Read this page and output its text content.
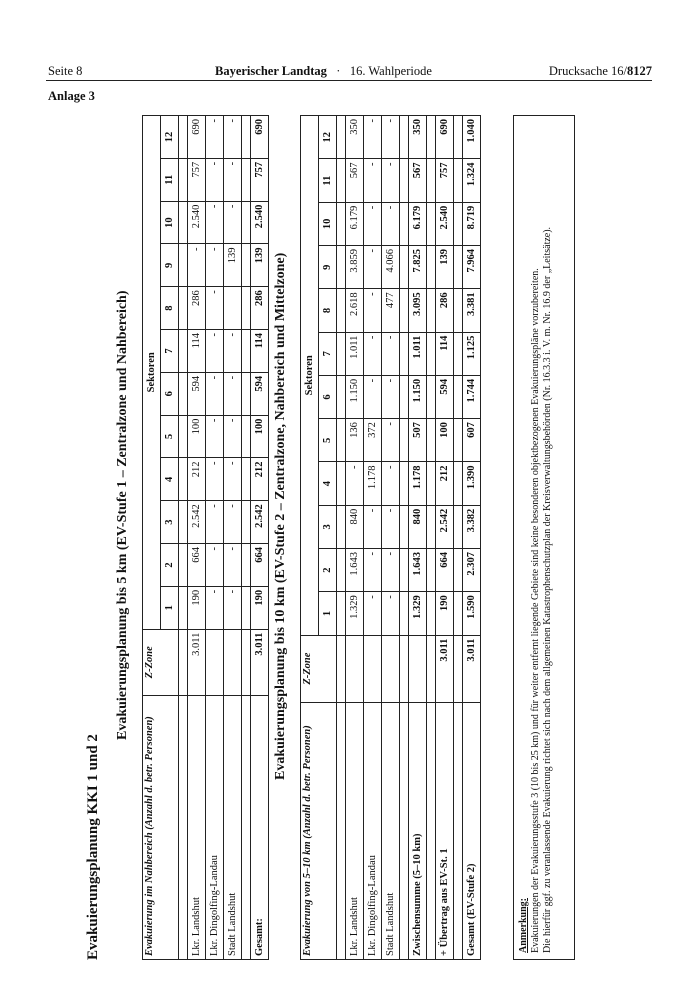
Seite 8	Bayerischer Landtag · 16. Wahlperiode	Drucksache 16/8127
Anlage 3
Evakuierungsplanung KKI 1 und 2
Evakuierungsplanung bis 5 km (EV-Stufe 1 – Zentralzone und Nahbereich)
Evakuierung im Nahbereich (Anzahl d. betr. Personen)	Z-Zone	Sektoren											
		1	2	3	4	5	6	7	8	9	10	11	12

Lkr. Landshut	3.011	190	664	2.542	212	100	594	114	286	-	2.540	757	690
Lkr. Dingolfing-Landau		-	-	-	-	-	-	-	-	-	-	-	-
Stadt Landshut		-	-	-	-	-	-	-		139	-	-	-

Gesamt:	3.011	190	664	2.542	212	100	594	114	286	139	2.540	757	690
Evakuierungsplanung bis 10 km (EV-Stufe 2 – Zentralzone, Nahbereich und Mittelzone)
Evakuierung von 5–10 km (Anzahl d. betr. Personen)	Z-Zone	Sektoren											
		1	2	3	4	5	6	7	8	9	10	11	12

Lkr. Landshut		1.329	1.643	840	-	136	1.150	1.011	2.618	3.859	6.179	567	350
Lkr. Dingolfing-Landau		-	-	-	1.178	372	-	-	-	-	-	-	-
Stadt Landshut		-	-	-	-	-	-	-	477	4.066	-	-	-

Zwischensumme (5–10 km)		1.329	1.643	840	1.178	507	1.150	1.011	3.095	7.825	6.179	567	350

+ Übertrag aus EV-St. 1	3.011	190	664	2.542	212	100	594	114	286	139	2.540	757	690

Gesamt (EV-Stufe 2)	3.011	1.590	2.307	3.382	1.390	607	1.744	1.125	3.381	7.964	8.719	1.324	1.040
Anmerkung: Evakuierungen der Evakuierungsstufe 3 (10 bis 25 km) und für weiter entfernt liegende Gebiete sind keine besonderen objektbezogenen Evakuierungspläne vorzubereiten.
Die hierfür ggf. zu veranlassende Evakuierung richtet sich nach dem allgemeinen Katastrophenschutzplan der Kreisverwaltungsbehörden (Nr. 16.3.3 i. V. m. Nr. 16.9 der „Leitsätze).
